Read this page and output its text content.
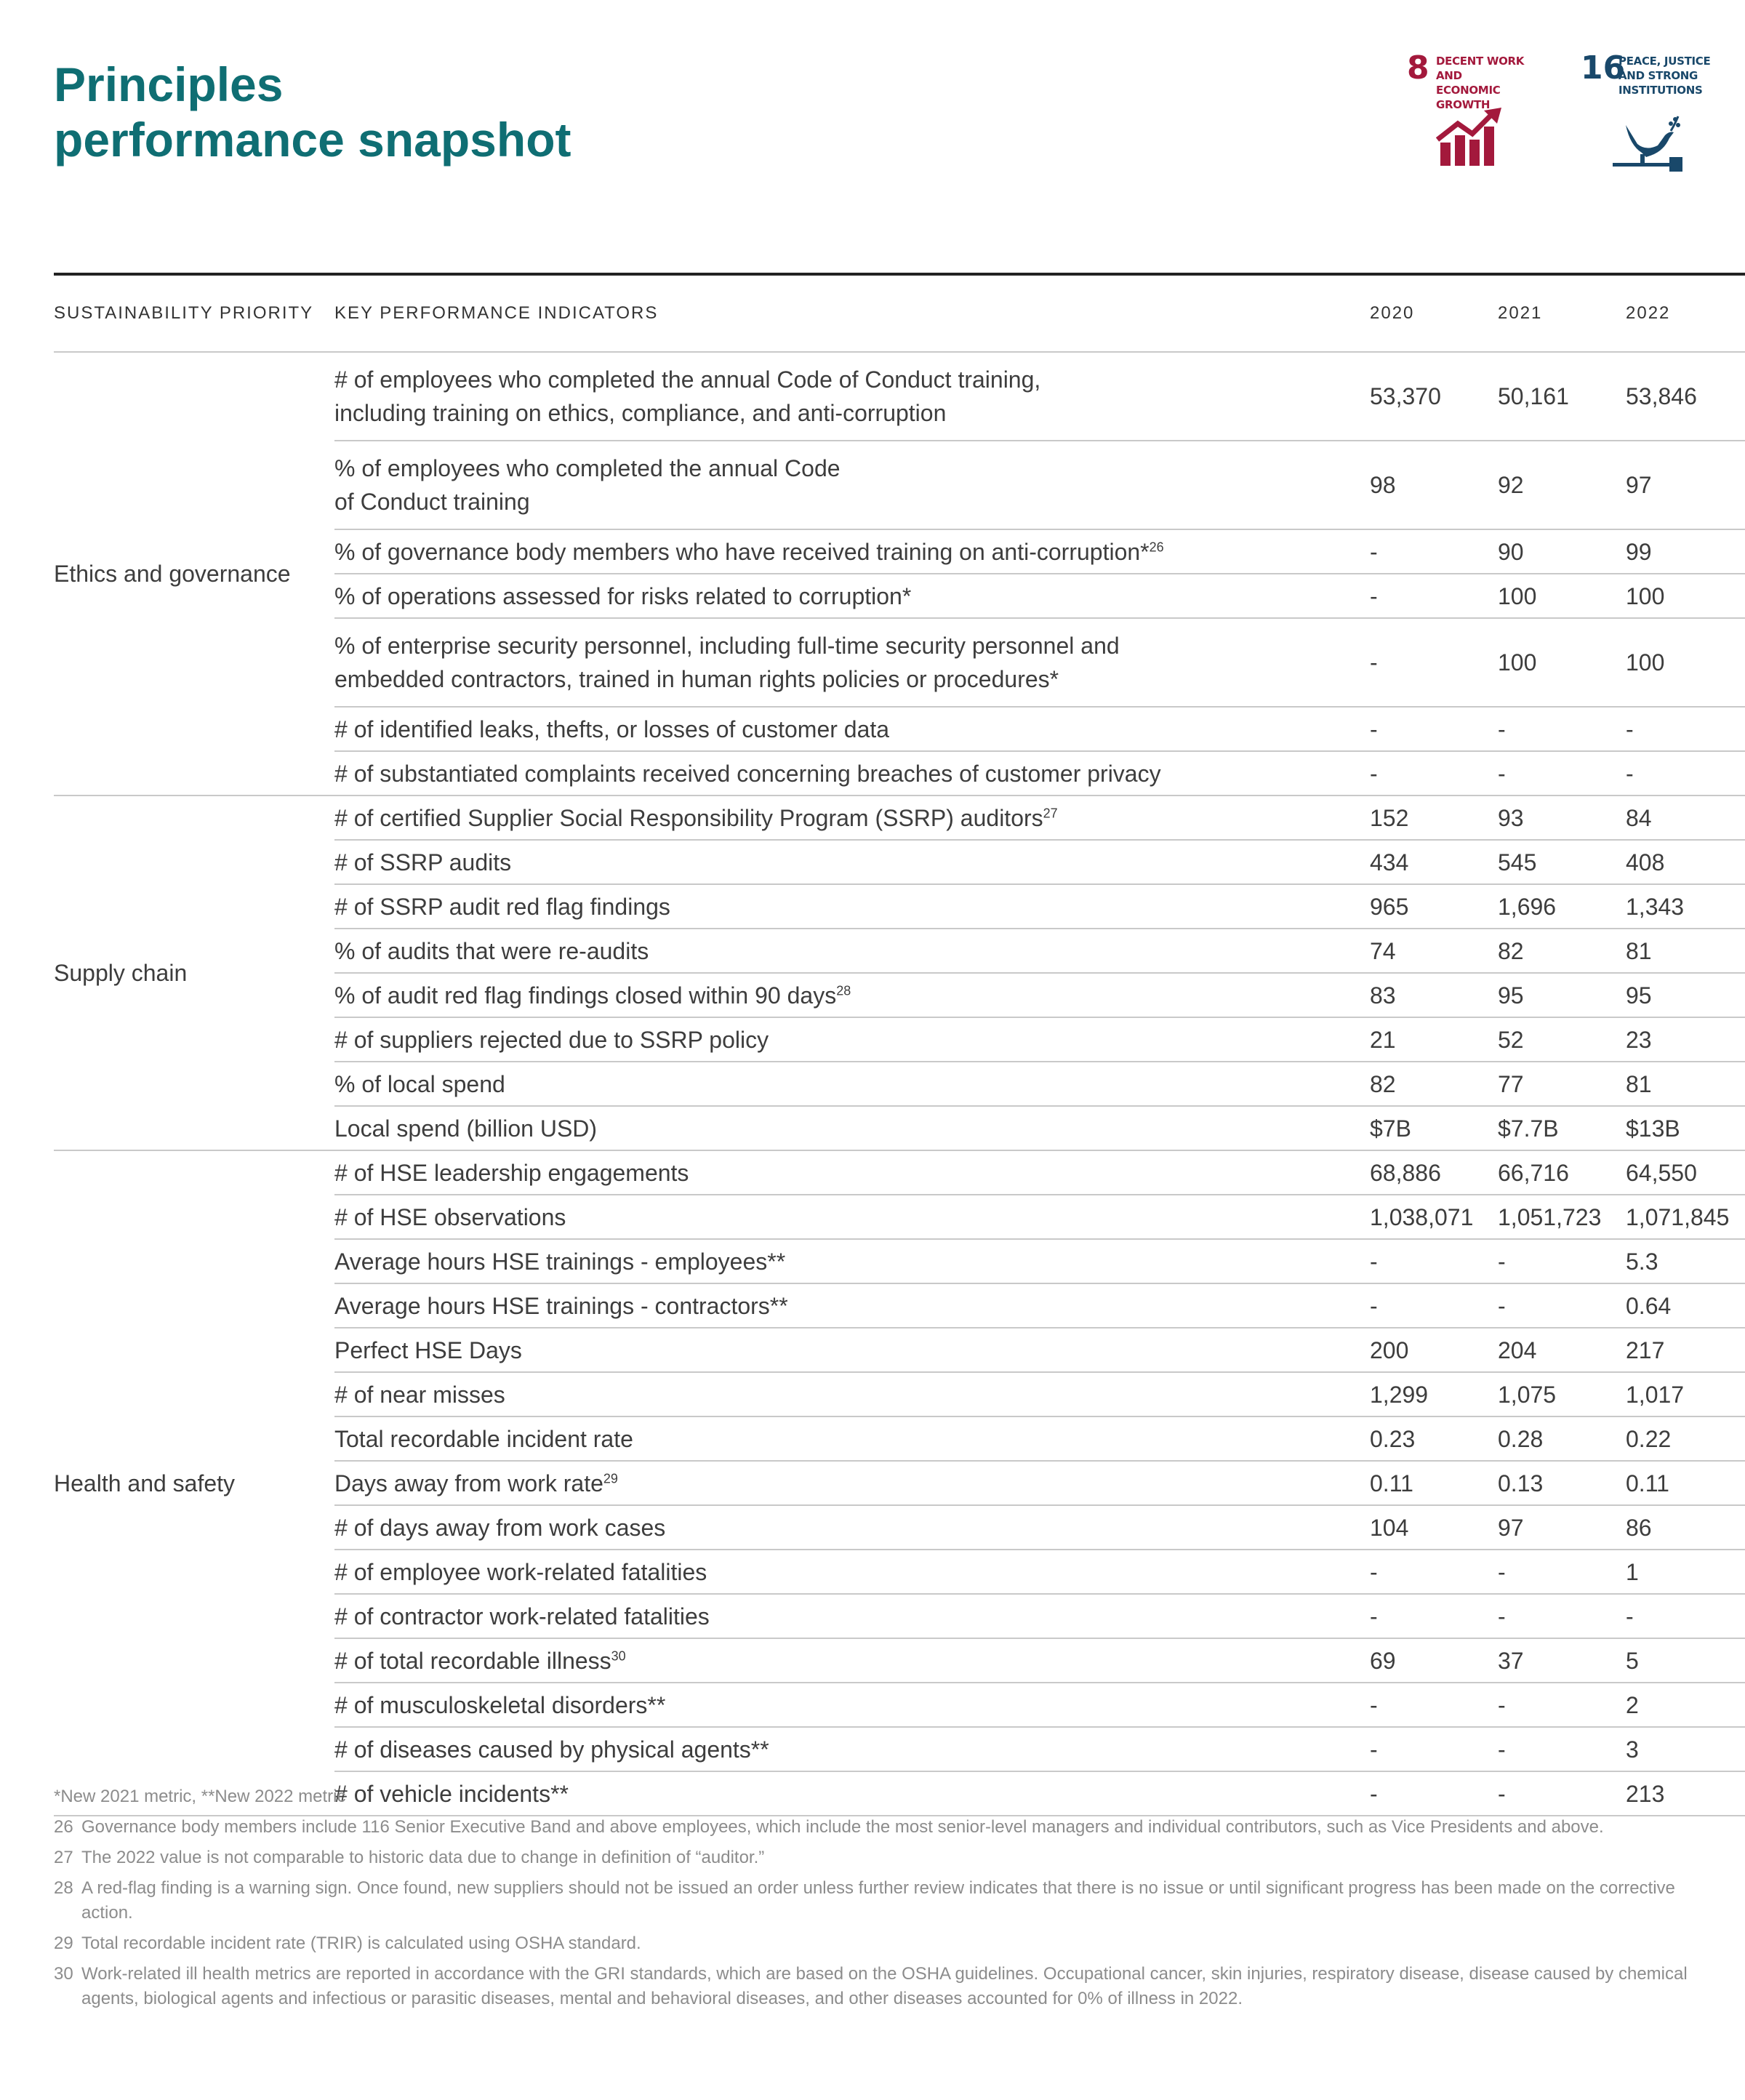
Principles
performance snapshot
8 DECENT WORK AND
ECONOMIC GROWTH
16
PEACE, JUSTICE
AND STRONG
INSTITUTIONS
SUSTAINABILITY PRIORITY	KEY PERFORMANCE INDICATORS	2020	2021	2022
Ethics and governance	# of employees who completed the annual Code of Conduct training,
including training on ethics, compliance, and anti-corruption	53,370	50,161	53,846
	% of employees who completed the annual Code
of Conduct training	98	92	97
	% of governance body members who have received training on anti-corruption*$^{26}$	-	90	99
	% of operations assessed for risks related to corruption*	-	100	100
	% of enterprise security personnel, including full-time security personnel and
embedded contractors, trained in human rights policies or procedures*	-	100	100
	# of identified leaks, thefts, or losses of customer data	-	-	-
	# of substantiated complaints received concerning breaches of customer privacy	-	-	-
Supply chain	# of certified Supplier Social Responsibility Program (SSRP) auditors$^{27}$	152	93	84
	# of SSRP audits	434	545	408
	# of SSRP audit red flag findings	965	1,696	1,343
	% of audits that were re-audits	74	82	81
	% of audit red flag findings closed within 90 days$^{28}$	83	95	95
	# of suppliers rejected due to SSRP policy	21	52	23
	% of local spend	82	77	81
	Local spend (billion USD)	$7B	$7.7B	$13B
Health and safety	# of HSE leadership engagements	68,886	66,716	64,550
	# of HSE observations	1,038,071	1,051,723	1,071,845
	Average hours HSE trainings - employees**	-	-	5.3
	Average hours HSE trainings - contractors**	-	-	0.64
	Perfect HSE Days	200	204	217
	# of near misses	1,299	1,075	1,017
	Total recordable incident rate	0.23	0.28	0.22
	Days away from work rate$^{29}$	0.11	0.13	0.11
	# of days away from work cases	104	97	86
	# of employee work-related fatalities	-	-	1
	# of contractor work-related fatalities	-	-	-
	# of total recordable illness$^{30}$	69	37	5
	# of musculoskeletal disorders**	-	-	2
	# of diseases caused by physical agents**	-	-	3
	# of vehicle incidents**	-	-	213
*New 2021 metric, **New 2022 metric
26 Governance body members include 116 Senior Executive Band and above employees, which include the most senior-level managers and individual contributors, such as Vice Presidents and above.
27 The 2022 value is not comparable to historic data due to change in definition of “auditor.”
28 A red-flag finding is a warning sign. Once found, new suppliers should not be issued an order unless further review indicates that there is no issue or until significant progress has been made on the corrective action.
29 Total recordable incident rate (TRIR) is calculated using OSHA standard.
30 Work-related ill health metrics are reported in accordance with the GRI standards, which are based on the OSHA guidelines. Occupational cancer, skin injuries, respiratory disease, disease caused by chemical agents, biological agents and infectious or parasitic diseases, mental and behavioral diseases, and other diseases accounted for 0% of illness in 2022.
